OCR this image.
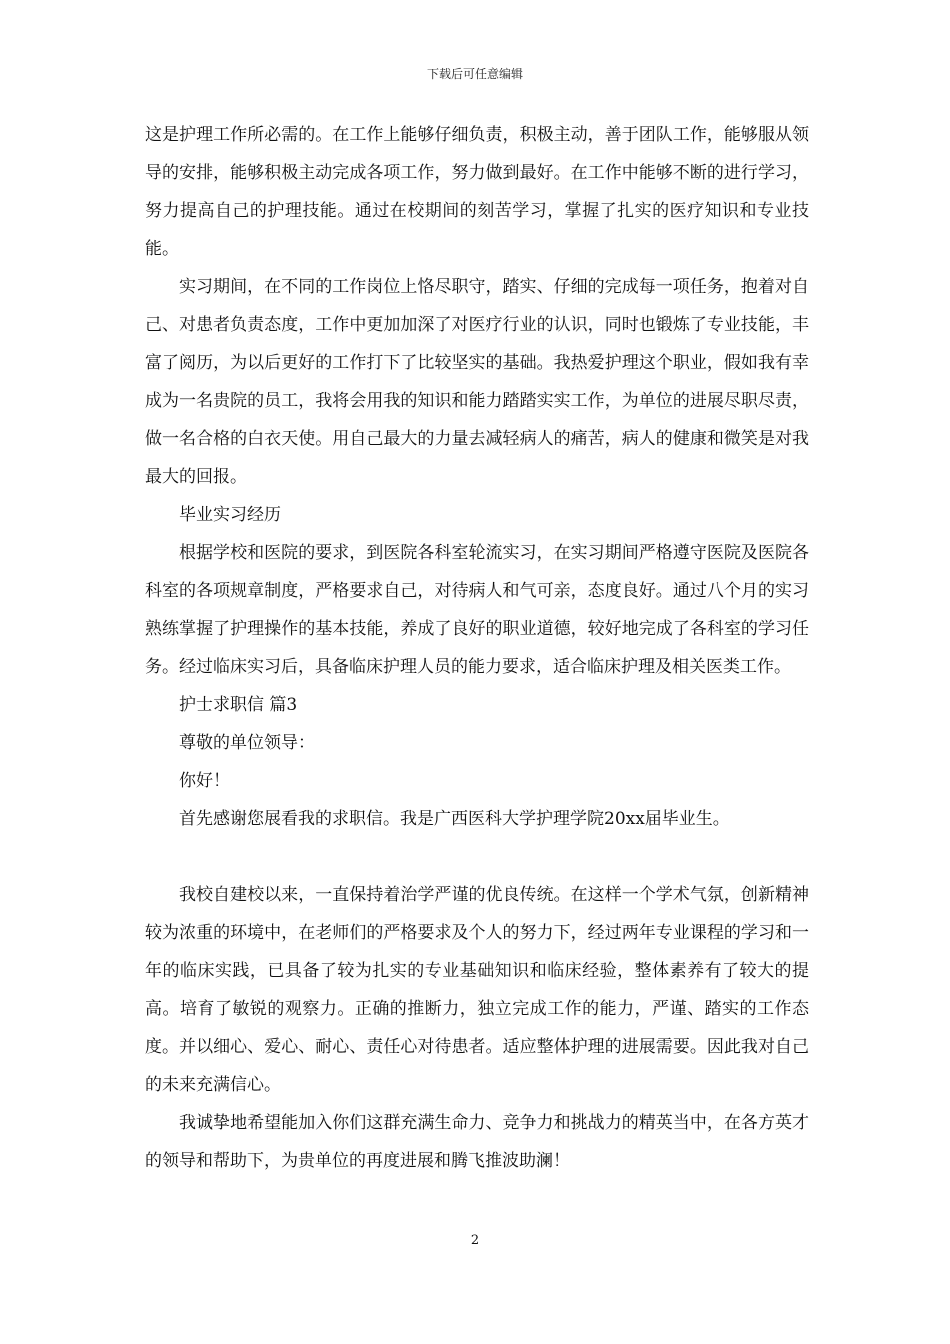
下载后可任意编辑

这是护理工作所必需的。在工作上能够仔细负责，积极主动，善于团队工作，能够服从领导的安排，能够积极主动完成各项工作，努力做到最好。在工作中能够不断的进行学习，努力提高自己的护理技能。通过在校期间的刻苦学习，掌握了扎实的医疗知识和专业技能。

实习期间，在不同的工作岗位上恪尽职守，踏实、仔细的完成每一项任务，抱着对自己、对患者负责态度，工作中更加加深了对医疗行业的认识，同时也锻炼了专业技能，丰富了阅历，为以后更好的工作打下了比较坚实的基础。我热爱护理这个职业，假如我有幸成为一名贵院的员工，我将会用我的知识和能力踏踏实实工作，为单位的进展尽职尽责，做一名合格的白衣天使。用自己最大的力量去减轻病人的痛苦，病人的健康和微笑是对我最大的回报。

毕业实习经历

根据学校和医院的要求，到医院各科室轮流实习，在实习期间严格遵守医院及医院各科室的各项规章制度，严格要求自己，对待病人和气可亲，态度良好。通过八个月的实习熟练掌握了护理操作的基本技能，养成了良好的职业道德，较好地完成了各科室的学习任务。经过临床实习后，具备临床护理人员的能力要求，适合临床护理及相关医类工作。

护士求职信 篇3

尊敬的单位领导：

你好！

首先感谢您展看我的求职信。我是广西医科大学护理学院20xx届毕业生。

我校自建校以来，一直保持着治学严谨的优良传统。在这样一个学术气氛，创新精神较为浓重的环境中，在老师们的严格要求及个人的努力下，经过两年专业课程的学习和一年的临床实践，已具备了较为扎实的专业基础知识和临床经验，整体素养有了较大的提高。培育了敏锐的观察力。正确的推断力，独立完成工作的能力，严谨、踏实的工作态度。并以细心、爱心、耐心、责任心对待患者。适应整体护理的进展需要。因此我对自己的未来充满信心。

我诚挚地希望能加入你们这群充满生命力、竞争力和挑战力的精英当中，在各方英才的领导和帮助下，为贵单位的再度进展和腾飞推波助澜！

2
